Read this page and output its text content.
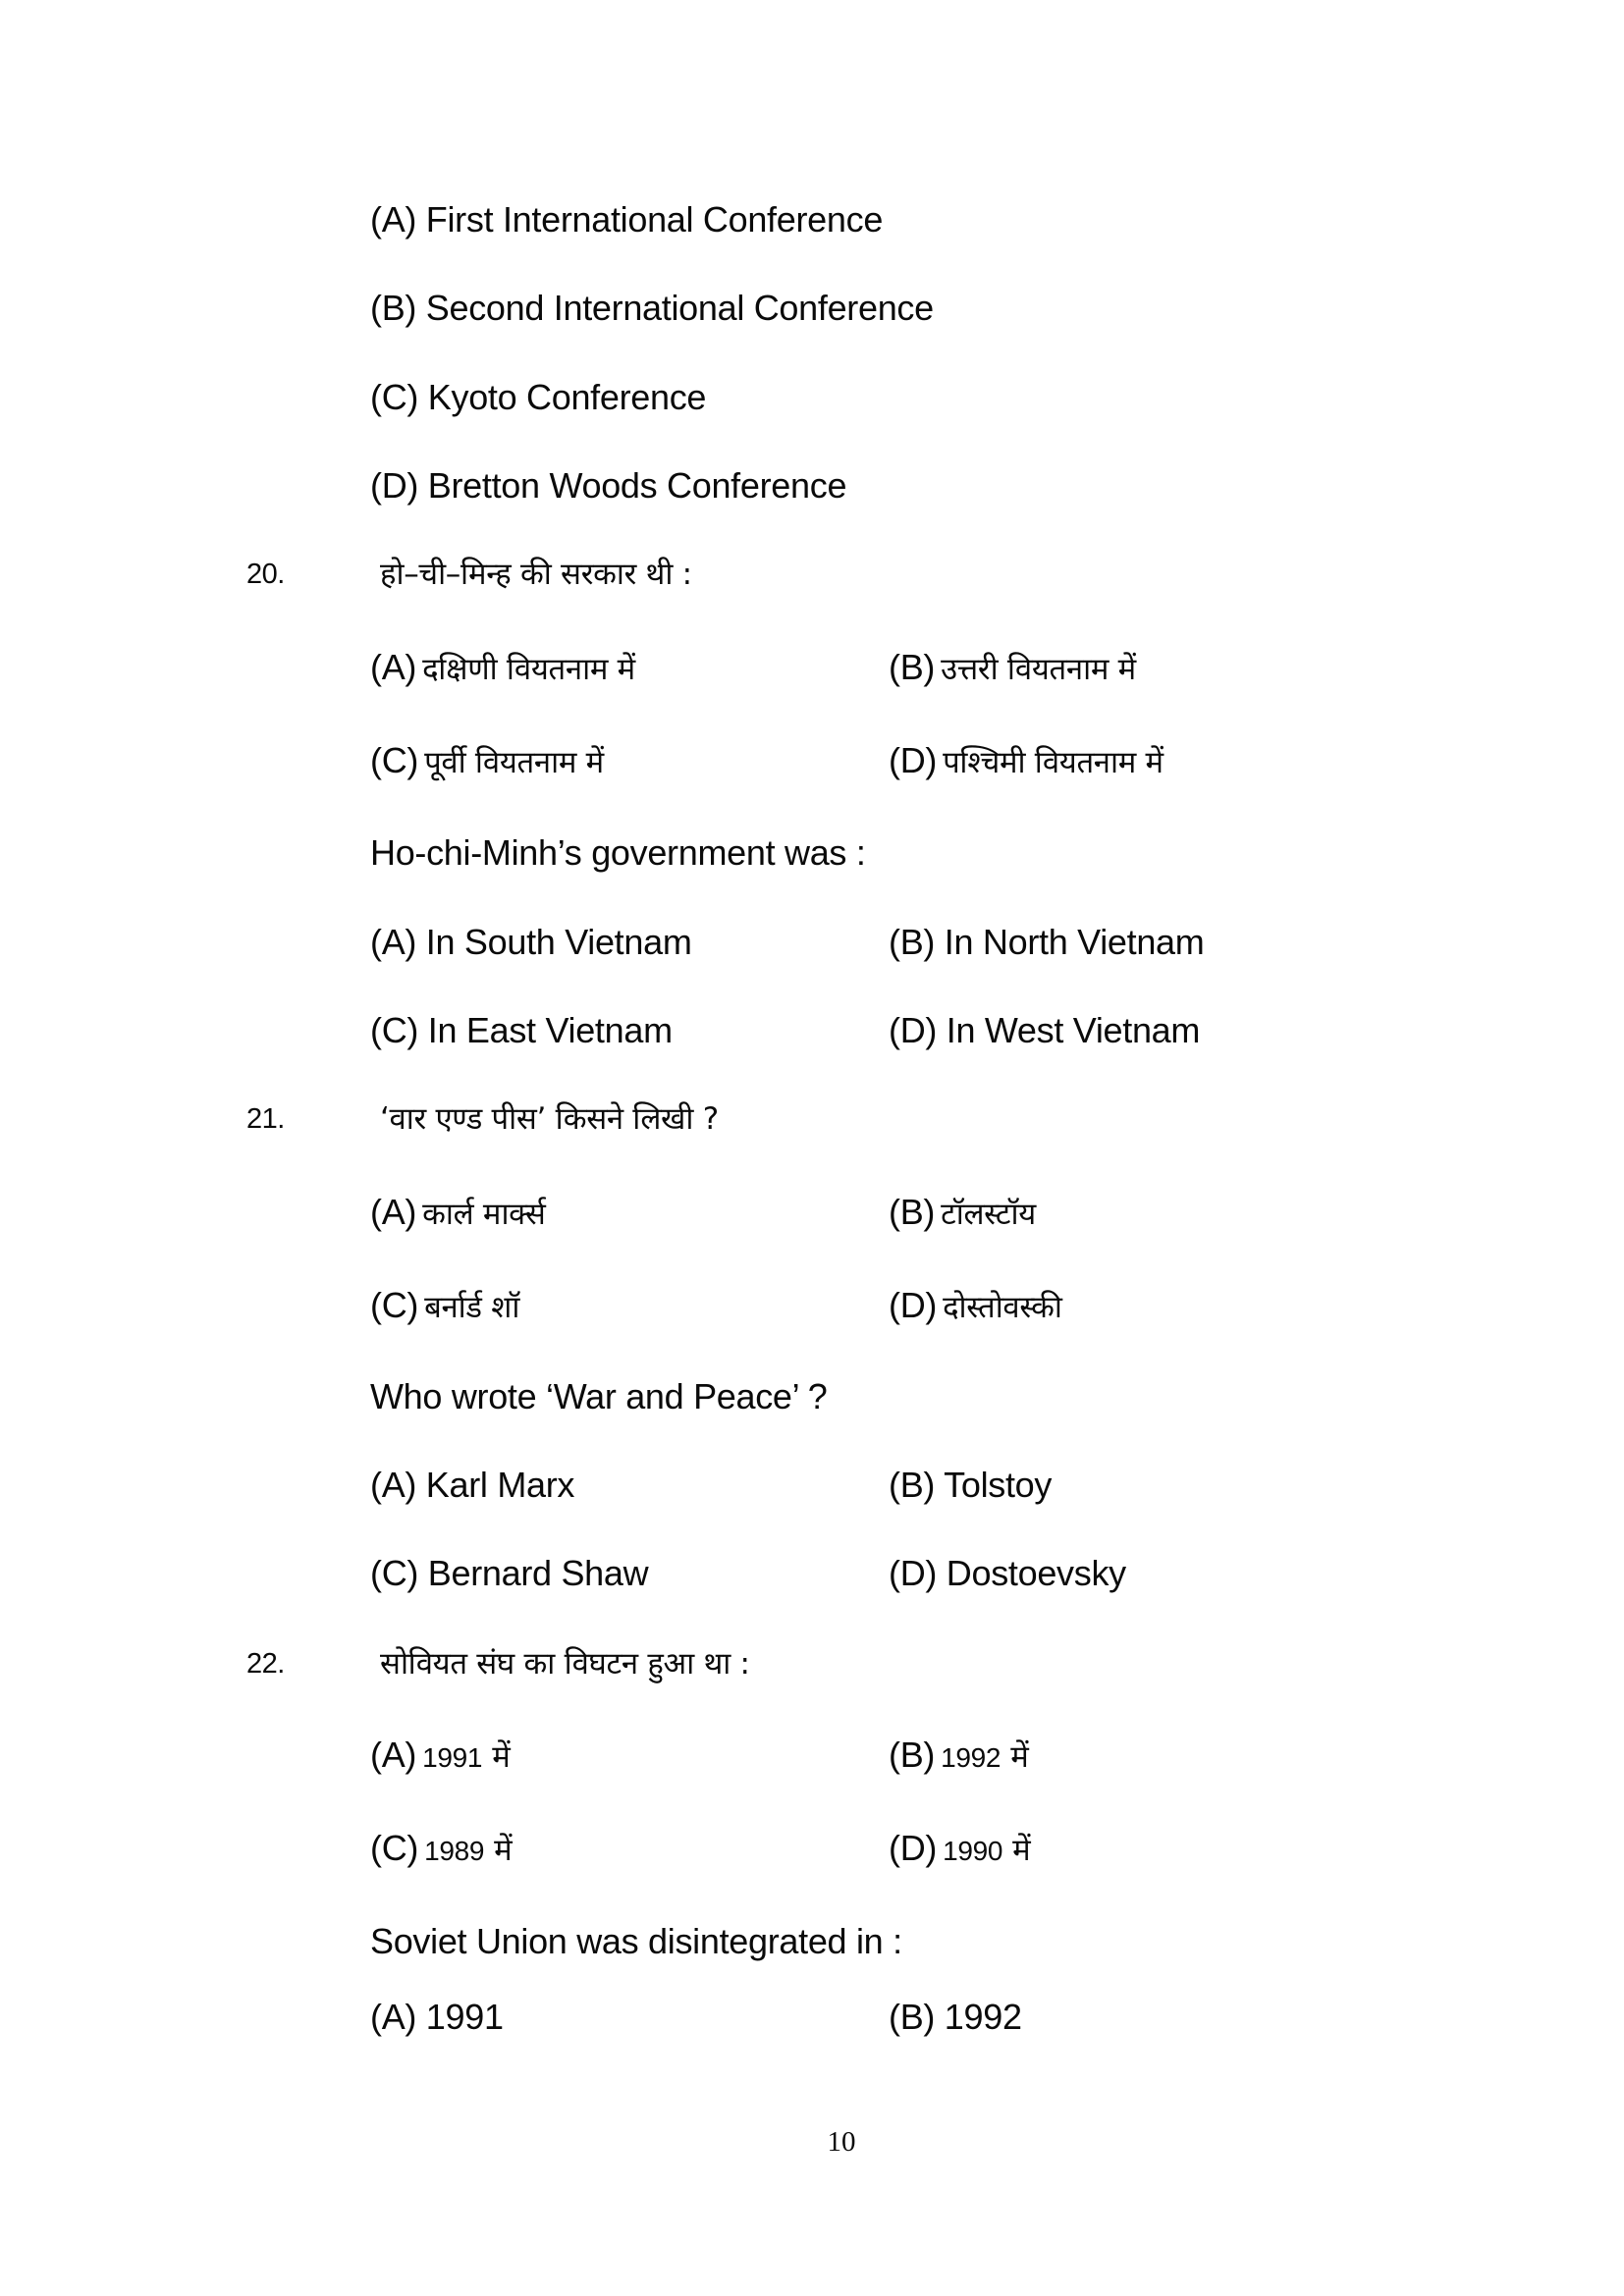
(A) First International Conference
(B) Second International Conference
(C) Kyoto Conference
(D) Bretton Woods Conference
20.	हो–ची–मिन्ह की सरकार थी :
(A) दक्षिणी वियतनाम में	(B) उत्तरी वियतनाम में
(C) पूर्वी वियतनाम में	(D) पश्चिमी वियतनाम में
Ho-chi-Minh’s government was :
(A) In South Vietnam	(B) In North Vietnam
(C) In East Vietnam	(D) In West Vietnam
21.	‘वार एण्ड पीस’ किसने लिखी ?
(A) कार्ल मार्क्स	(B) टॉलस्टॉय
(C) बर्नार्ड शॉ	(D) दोस्तोवस्की
Who wrote ‘War and Peace’ ?
(A) Karl Marx	(B) Tolstoy
(C) Bernard Shaw	(D) Dostoevsky
22.	सोवियत संघ का विघटन हुआ था :
(A) 1991 में	(B) 1992 में
(C) 1989 में	(D) 1990 में
Soviet Union was disintegrated in :
(A) 1991	(B) 1992
10
